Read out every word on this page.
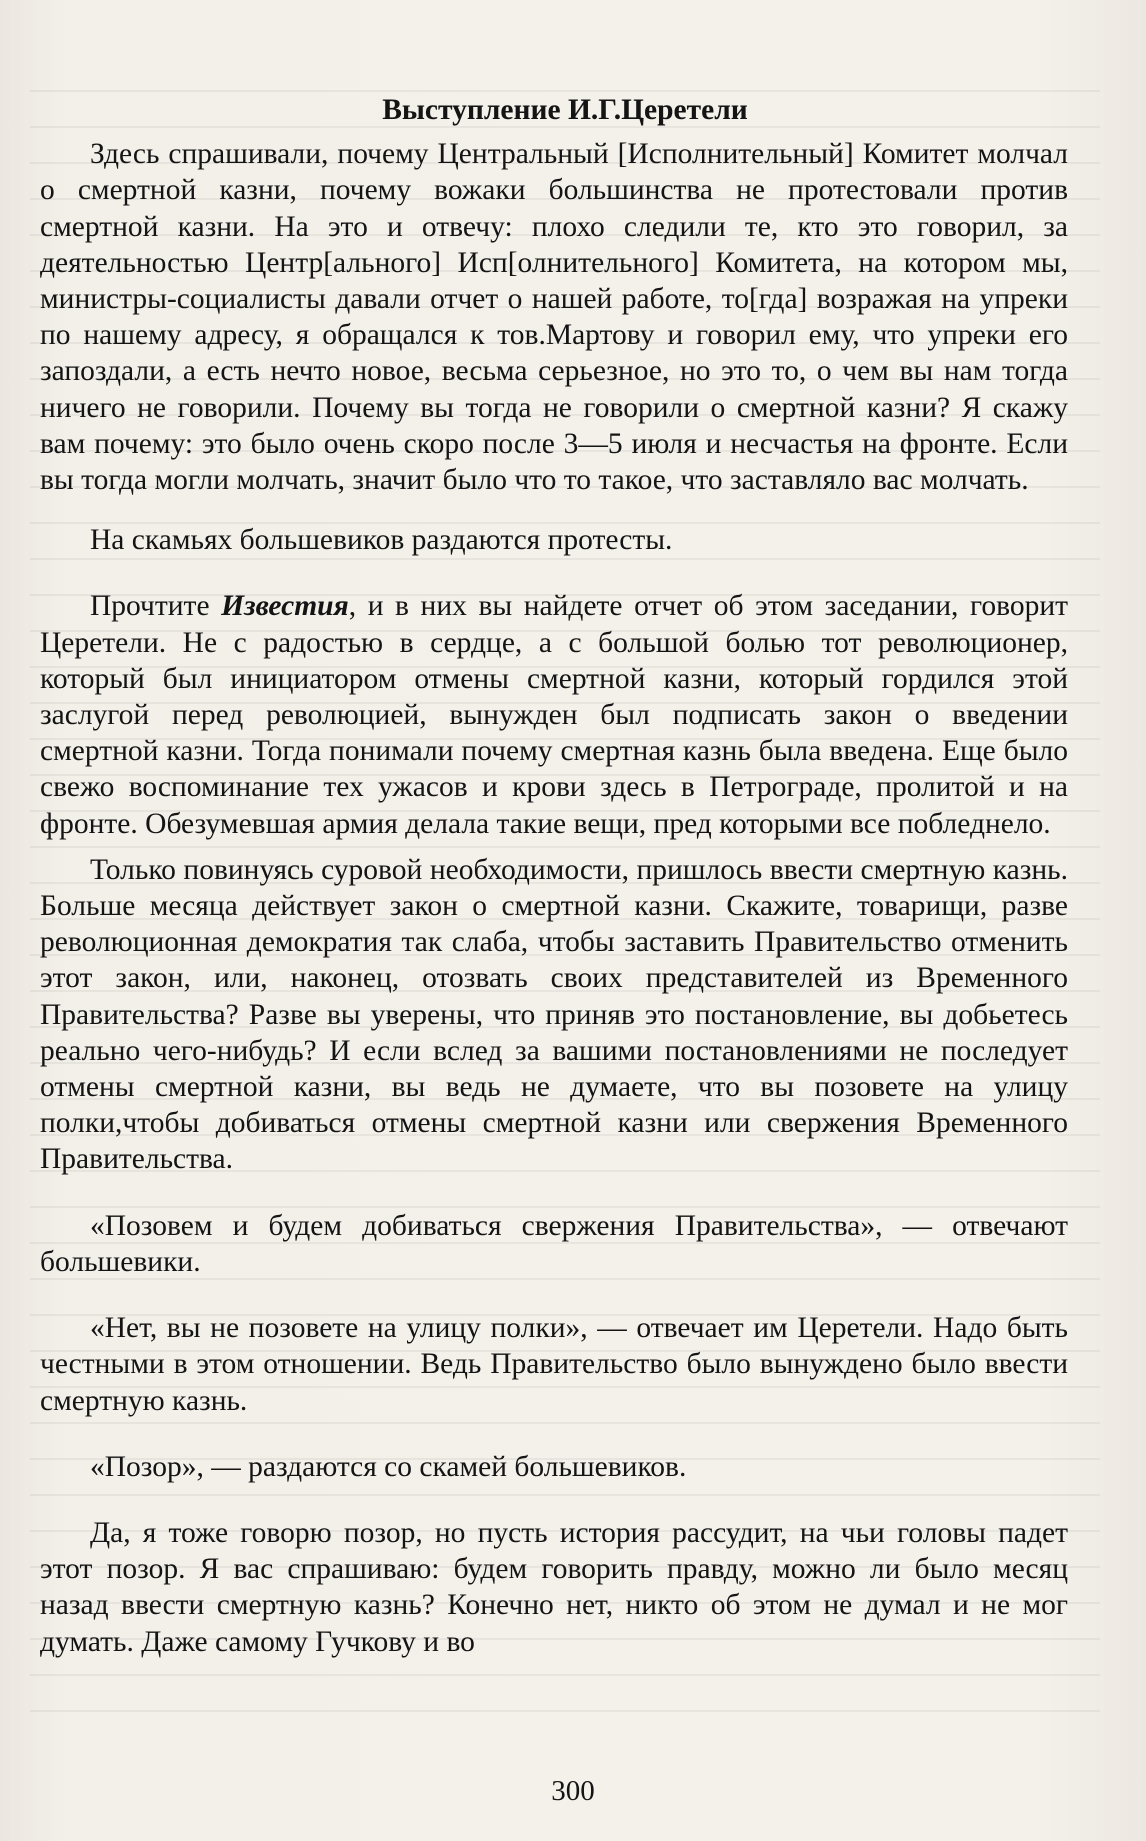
Выступление И.Г.Церетели

Здесь спрашивали, почему Центральный [Исполнительный] Комитет молчал о смертной казни, почему вожаки большинства не протестовали против смертной казни. На это и отвечу: плохо следили те, кто это говорил, за деятельностью Центр[ального] Исп[олнительного] Комитета, на котором мы, министры-социалисты давали отчет о нашей работе, то[гда] возражая на упреки по нашему адресу, я обращался к тов.Мартову и говорил ему, что упреки его запоздали, а есть нечто новое, весьма серьезное, но это то, о чем вы нам тогда ничего не говорили. Почему вы тогда не говорили о смертной казни? Я скажу вам почему: это было очень скоро после 3—5 июля и несчастья на фронте. Если вы тогда могли молчать, значит было что то такое, что заставляло вас молчать.

На скамьях большевиков раздаются протесты.

Прочтите Известия, и в них вы найдете отчет об этом заседании, говорит Церетели. Не с радостью в сердце, а с большой болью тот революционер, который был инициатором отмены смертной казни, который гордился этой заслугой перед революцией, вынужден был подписать закон о введении смертной казни. Тогда понимали почему смертная казнь была введена. Еще было свежо воспоминание тех ужасов и крови здесь в Петрограде, пролитой и на фронте. Обезумевшая армия делала такие вещи, пред которыми все побледнело.

Только повинуясь суровой необходимости, пришлось ввести смертную казнь. Больше месяца действует закон о смертной казни. Скажите, товарищи, разве революционная демократия так слаба, чтобы заставить Правительство отменить этот закон, или, наконец, отозвать своих представителей из Временного Правительства? Разве вы уверены, что приняв это постановление, вы добьетесь реально чего-нибудь? И если вслед за вашими постановлениями не последует отмены смертной казни, вы ведь не думаете, что вы позовете на улицу полки,чтобы добиваться отмены смертной казни или свержения Временного Правительства.

«Позовем и будем добиваться свержения Правительства», — отвечают большевики.

«Нет, вы не позовете на улицу полки», — отвечает им Церетели. Надо быть честными в этом отношении. Ведь Правительство было вынуждено было ввести смертную казнь.

«Позор», — раздаются со скамей большевиков.

Да, я тоже говорю позор, но пусть история рассудит, на чьи головы падет этот позор. Я вас спрашиваю: будем говорить правду, можно ли было месяц назад ввести смертную казнь? Конечно нет, никто об этом не думал и не мог думать. Даже самому Гучкову и во

300
